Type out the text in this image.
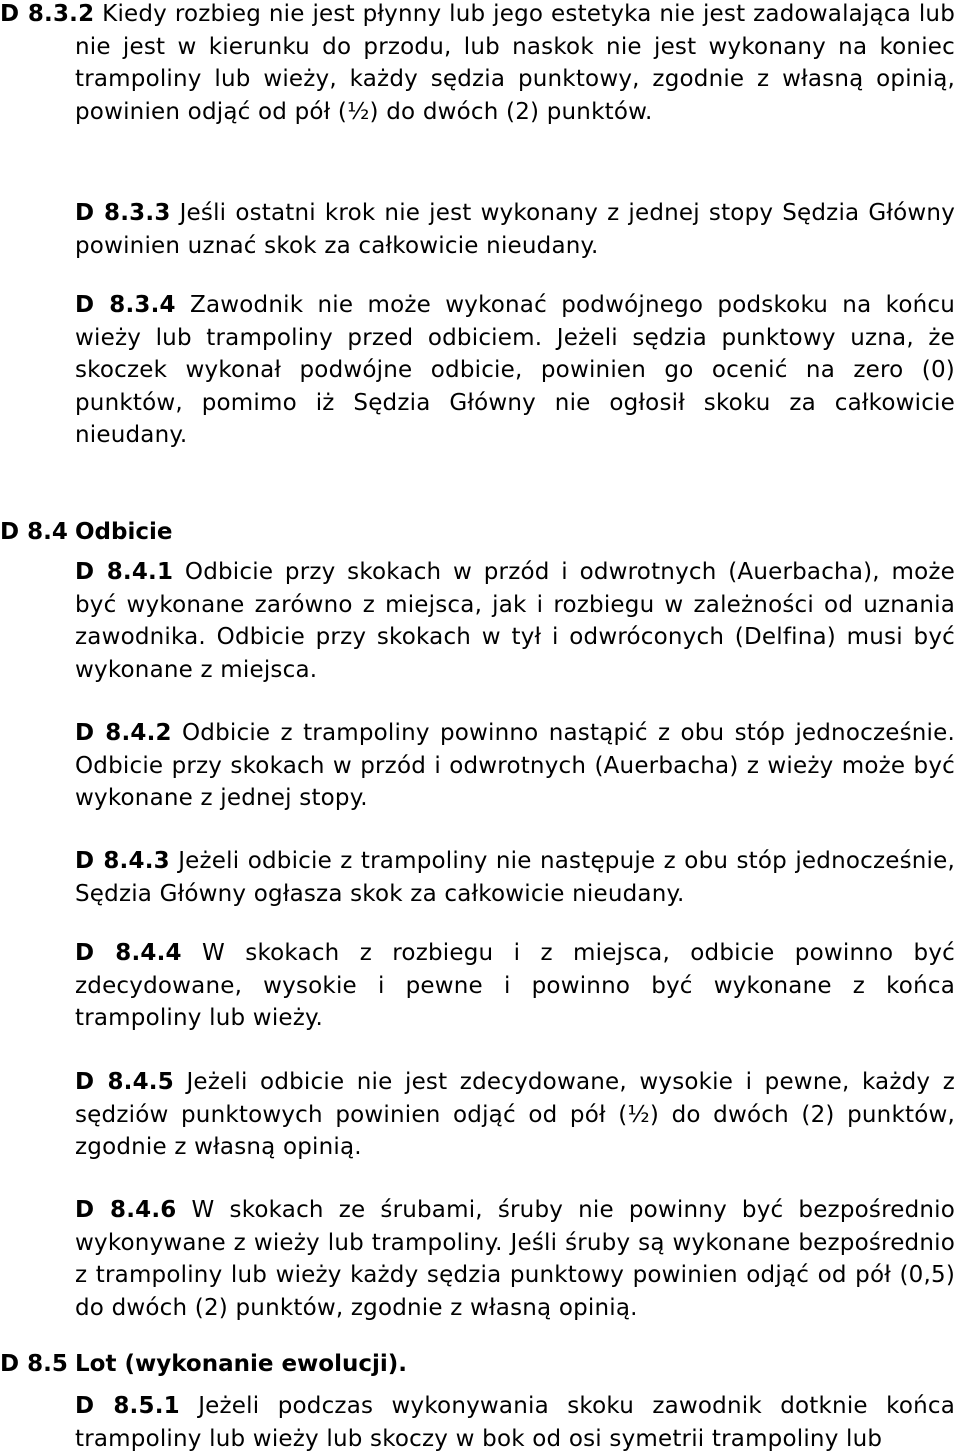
D 8.3.2 Kiedy rozbieg nie jest płynny lub jego estetyka nie jest zadowalająca lub nie jest w kierunku do przodu, lub naskok nie jest wykonany na koniec trampoliny lub wieży, każdy sędzia punktowy, zgodnie z własną opinią, powinien odjąć od pół (½) do dwóch (2) punktów.

D 8.3.3 Jeśli ostatni krok nie jest wykonany z jednej stopy Sędzia Główny powinien uznać skok za całkowicie nieudany.

D 8.3.4 Zawodnik nie może wykonać podwójnego podskoku na końcu wieży lub trampoliny przed odbiciem. Jeżeli sędzia punktowy uzna, że skoczek wykonał podwójne odbicie, powinien go ocenić na zero (0) punktów, pomimo iż Sędzia Główny nie ogłosił skoku za całkowicie nieudany.

D 8.4 Odbicie

D 8.4.1 Odbicie przy skokach w przód i odwrotnych (Auerbacha), może być wykonane zarówno z miejsca, jak i rozbiegu w zależności od uznania zawodnika. Odbicie przy skokach w tył i odwróconych (Delfina) musi być wykonane z miejsca.

D 8.4.2 Odbicie z trampoliny powinno nastąpić z obu stóp jednocześnie. Odbicie przy skokach w przód i odwrotnych (Auerbacha) z wieży może być wykonane z jednej stopy.

D 8.4.3 Jeżeli odbicie z trampoliny nie następuje z obu stóp jednocześnie, Sędzia Główny ogłasza skok za całkowicie nieudany.

D 8.4.4 W skokach z rozbiegu i z miejsca, odbicie powinno być zdecydowane, wysokie i pewne i powinno być wykonane z końca trampoliny lub wieży.

D 8.4.5 Jeżeli odbicie nie jest zdecydowane, wysokie i pewne, każdy z sędziów punktowych powinien odjąć od pół (½) do dwóch (2) punktów, zgodnie z własną opinią.

D 8.4.6 W skokach ze śrubami, śruby nie powinny być bezpośrednio wykonywane z wieży lub trampoliny. Jeśli śruby są wykonane bezpośrednio z trampoliny lub wieży każdy sędzia punktowy powinien odjąć od pół (0,5) do dwóch (2) punktów, zgodnie z własną opinią.

D 8.5 Lot (wykonanie ewolucji).

D 8.5.1 Jeżeli podczas wykonywania skoku zawodnik dotknie końca trampoliny lub wieży lub skoczy w bok od osi symetrii trampoliny lub
